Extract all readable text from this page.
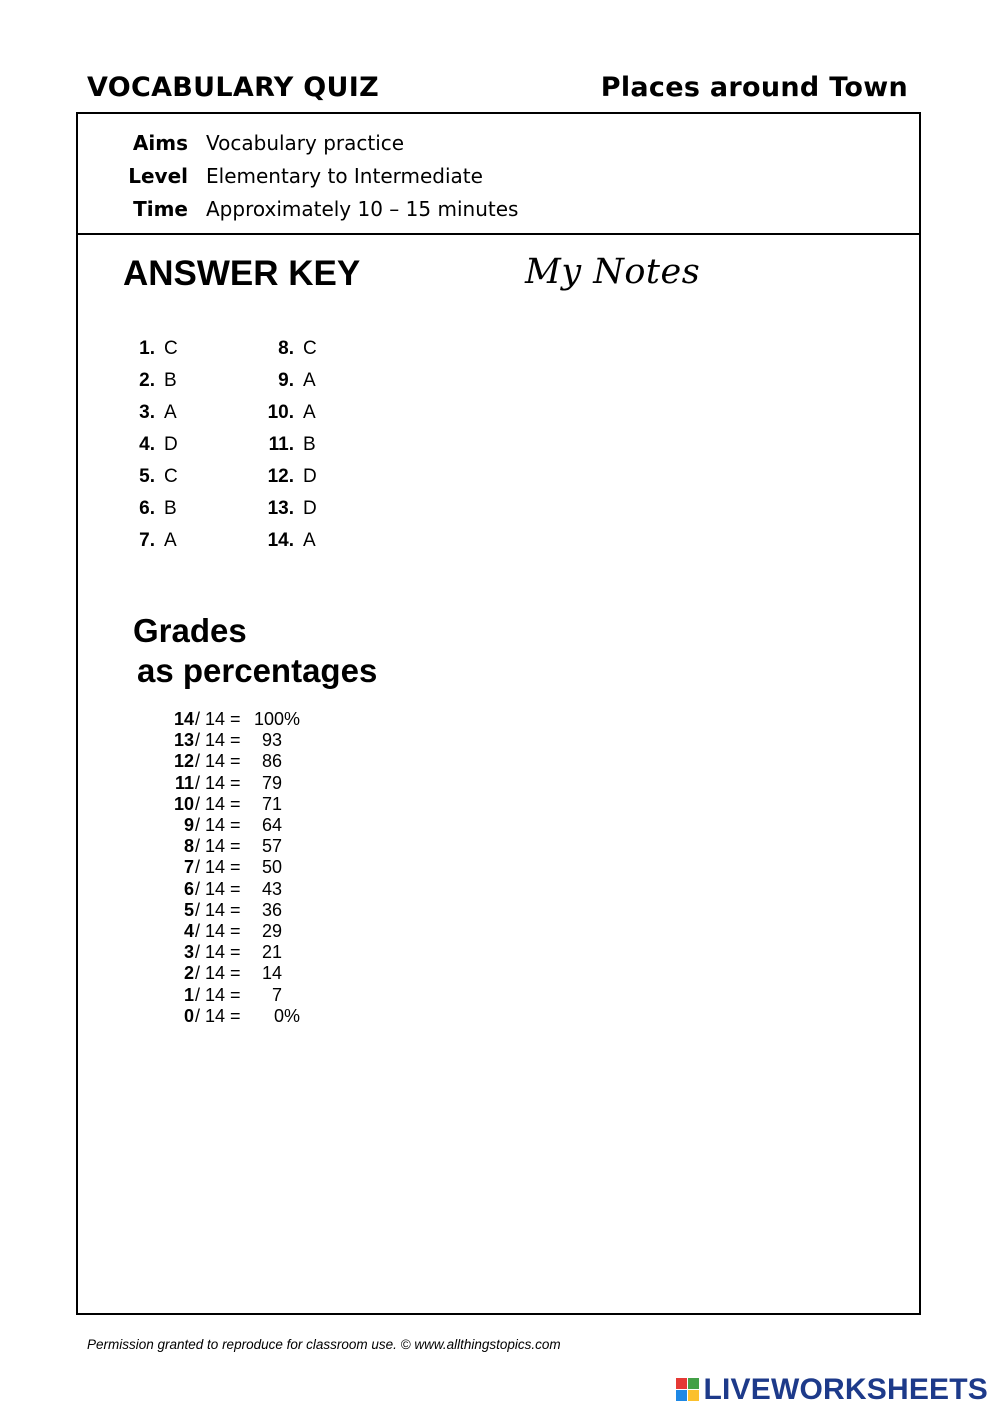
VOCABULARY QUIZ	Places around Town
Aims Vocabulary practice
Level Elementary to Intermediate
Time Approximately 10 – 15 minutes
ANSWER KEY	My Notes
1. C
2. B
3. A
4. D
5. C
6. B
7. A
8. C
9. A
10. A
11. B
12. D
13. D
14. A
Grades
as percentages
14 / 14 = 100%
13 / 14 =	93
12 / 14 =	86
11 / 14 =	79
10 / 14 =	71
9 / 14 =	64
8 / 14 =	57
7 / 14 =	50
6 / 14 =	43
5 / 14 =	36
4 / 14 =	29
3 / 14 =	21
2 / 14 =	14
1 / 14 =	7
0 / 14 =	0%
Permission granted to reproduce for classroom use. © www.allthingstopics.com
LIVEWORKSHEETS
